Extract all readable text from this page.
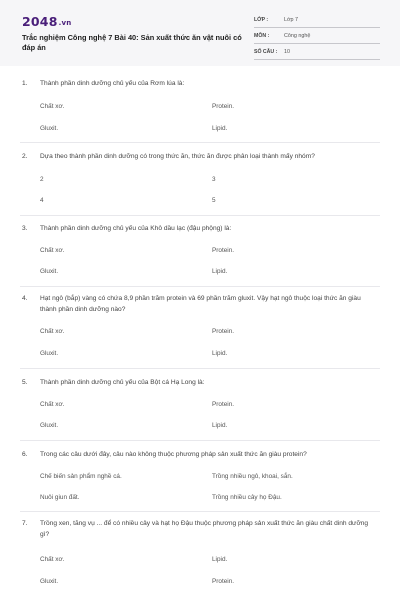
2048.vn
Trắc nghiệm Công nghệ 7 Bài 40: Sản xuất thức ăn vật nuôi có đáp án
LỚP :	Lớp 7
MÔN :	Công nghệ
SỐ CÂU : 10
1. Thành phần dinh dưỡng chủ yếu của Rơm lúa là:
Chất xơ.	Protein.
Gluxit.	Lipid.
2. Dựa theo thành phần dinh dưỡng có trong thức ăn, thức ăn được phân loại thành mấy nhóm?
2	3
4	5
3. Thành phần dinh dưỡng chủ yếu của Khô dầu lạc (đậu phộng) là:
Chất xơ.	Protein.
Gluxit.	Lipid.
4. Hạt ngô (bắp) vàng có chứa 8,9 phần trăm protein và 69 phần trăm gluxit. Vậy hạt ngô thuộc loại thức ăn giàu thành phần dinh dưỡng nào?
Chất xơ.	Protein.
Gluxit.	Lipid.
5. Thành phần dinh dưỡng chủ yếu của Bột cá Hạ Long là:
Chất xơ.	Protein.
Gluxit.	Lipid.
6. Trong các câu dưới đây, câu nào không thuộc phương pháp sản xuất thức ăn giàu protein?
Chế biến sản phẩm nghề cá.	Trồng nhiều ngô, khoai, sắn.
Nuôi giun đất.	Trồng nhiều cây họ Đậu.
7. Trồng xen, tăng vụ ... để có nhiều cây và hạt họ Đậu thuộc phương pháp sản xuất thức ăn giàu chất dinh dưỡng gì?
Chất xơ.	Lipid.
Gluxit.	Protein.
